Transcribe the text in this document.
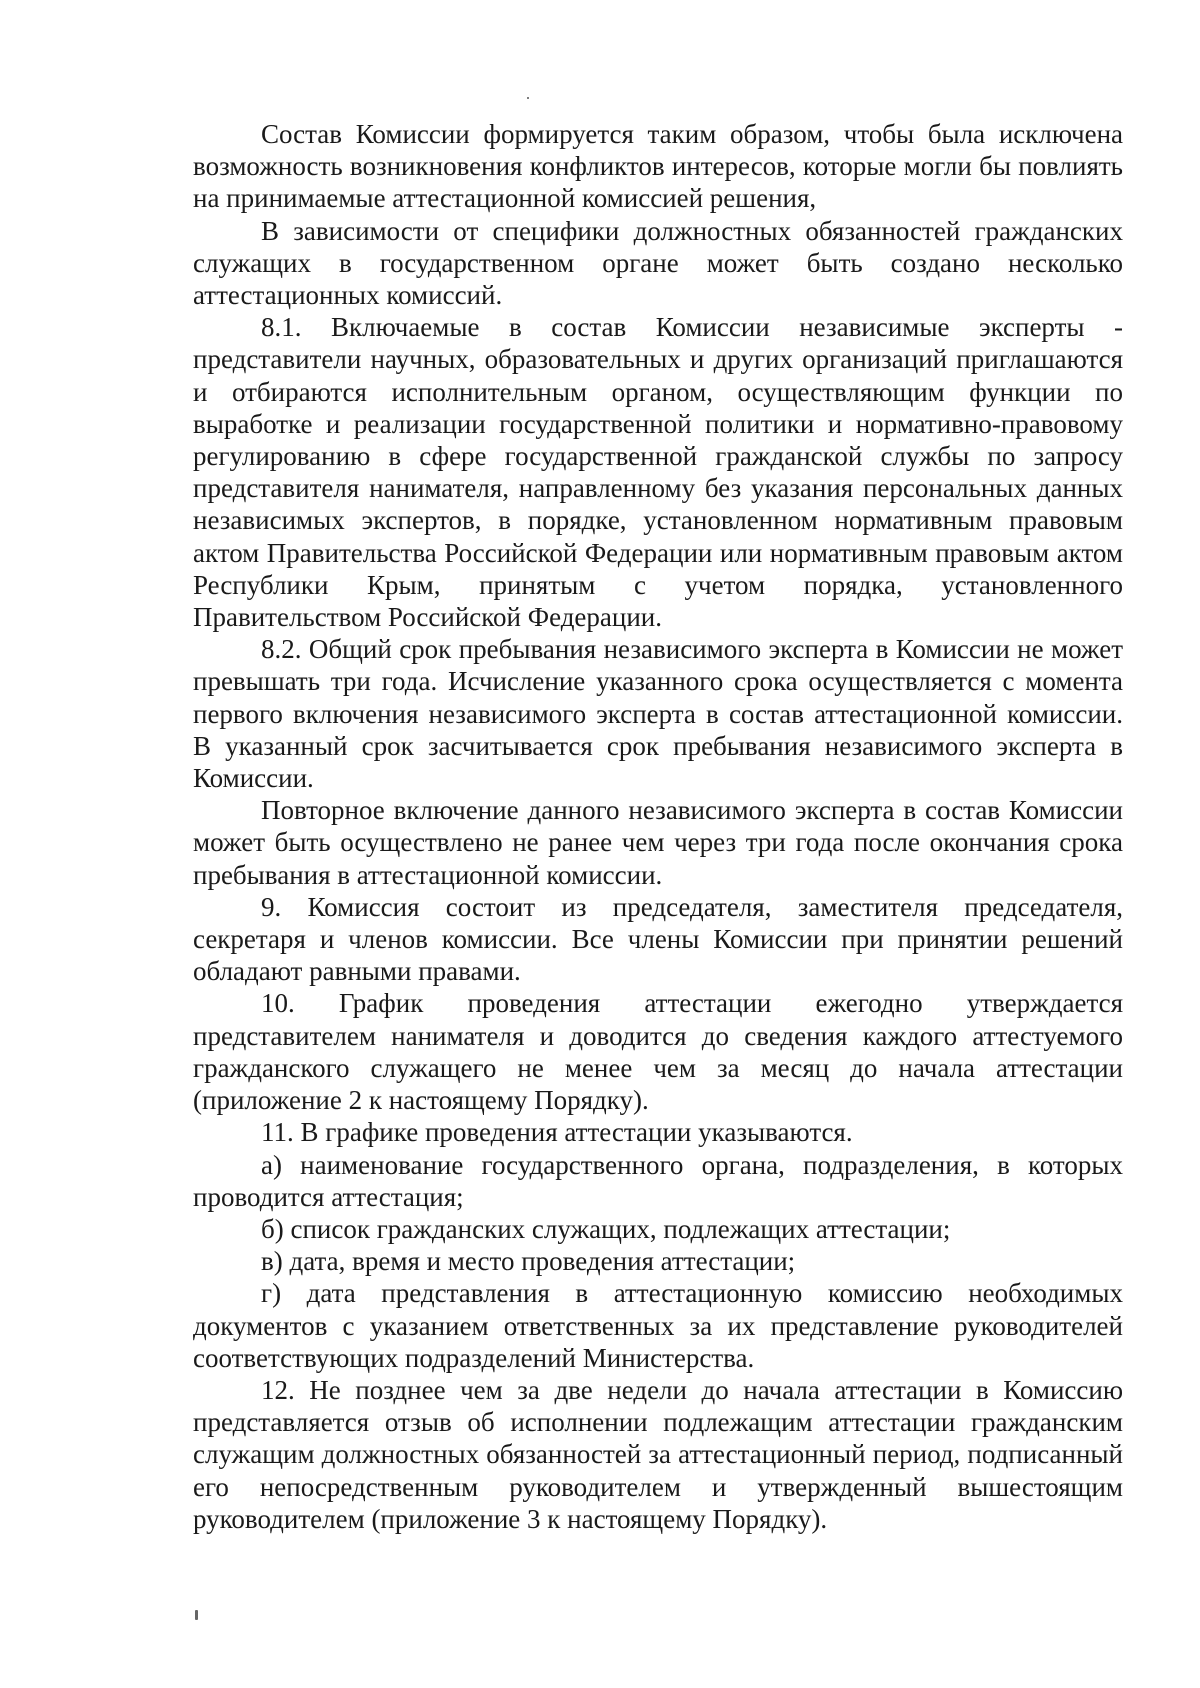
Состав Комиссии формируется таким образом, чтобы была исключена возможность возникновения конфликтов интересов, которые могли бы повлиять на принимаемые аттестационной комиссией решения,

В зависимости от специфики должностных обязанностей гражданских служащих в государственном органе может быть создано несколько аттестационных комиссий.

8.1. Включаемые в состав Комиссии независимые эксперты - представители научных, образовательных и других организаций приглашаются и отбираются исполнительным органом, осуществляющим функции по выработке и реализации государственной политики и нормативно-правовому регулированию в сфере государственной гражданской службы по запросу представителя нанимателя, направленному без указания персональных данных независимых экспертов, в порядке, установленном нормативным правовым актом Правительства Российской Федерации или нормативным правовым актом Республики Крым, принятым с учетом порядка, установленного Правительством Российской Федерации.

8.2. Общий срок пребывания независимого эксперта в Комиссии не может превышать три года. Исчисление указанного срока осуществляется с момента первого включения независимого эксперта в состав аттестационной комиссии. В указанный срок засчитывается срок пребывания независимого эксперта в Комиссии.

Повторное включение данного независимого эксперта в состав Комиссии может быть осуществлено не ранее чем через три года после окончания срока пребывания в аттестационной комиссии.

9. Комиссия состоит из председателя, заместителя председателя, секретаря и членов комиссии. Все члены Комиссии при принятии решений обладают равными правами.

10. График проведения аттестации ежегодно утверждается представителем нанимателя и доводится до сведения каждого аттестуемого гражданского служащего не менее чем за месяц до начала аттестации (приложение 2 к настоящему Порядку).

11. В графике проведения аттестации указываются.

а) наименование государственного органа, подразделения, в которых проводится аттестация;

б) список гражданских служащих, подлежащих аттестации;

в) дата, время и место проведения аттестации;

г) дата представления в аттестационную комиссию необходимых документов с указанием ответственных за их представление руководителей соответствующих подразделений Министерства.

12. Не позднее чем за две недели до начала аттестации в Комиссию представляется отзыв об исполнении подлежащим аттестации гражданским служащим должностных обязанностей за аттестационный период, подписанный его непосредственным руководителем и утвержденный вышестоящим руководителем (приложение 3 к настоящему Порядку).
